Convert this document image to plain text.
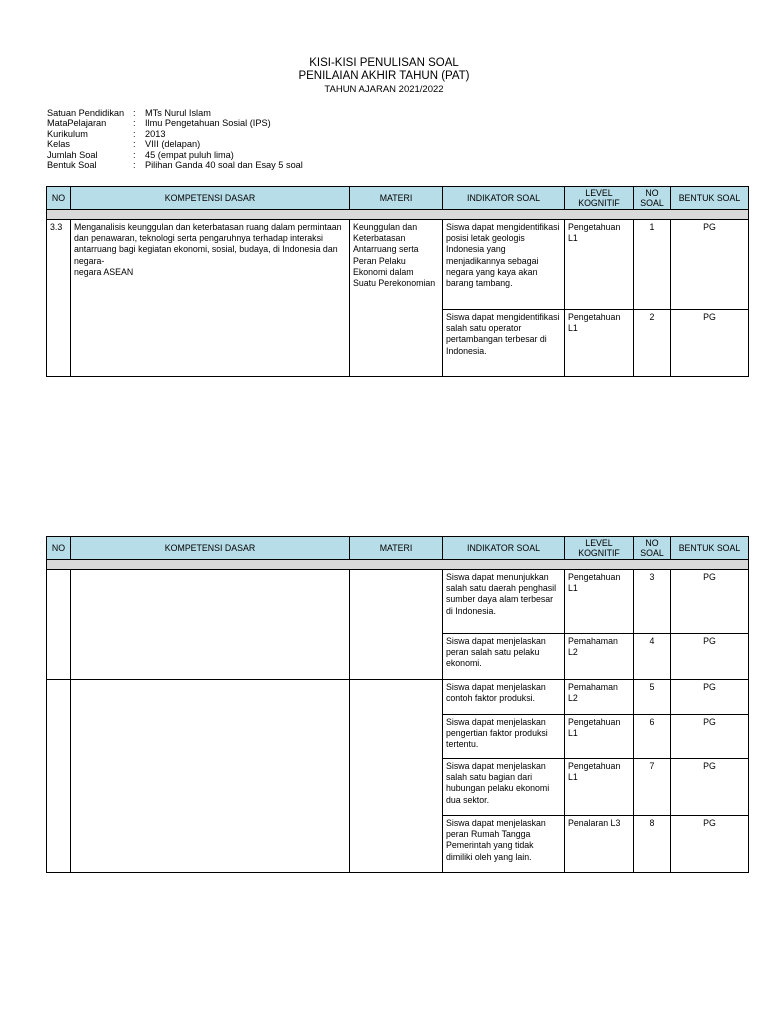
KISI-KISI PENULISAN SOAL
PENILAIAN AKHIR TAHUN (PAT)
TAHUN AJARAN 2021/2022
Satuan Pendidikan : MTs Nurul Islam
MataPelajaran	: Ilmu Pengetahuan Sosial (IPS)
Kurikulum	: 2013
Kelas	: VIII (delapan)
Jumlah Soal	: 45 (empat puluh lima)
Bentuk Soal	: Pilihan Ganda 40 soal dan Esay 5 soal
NO	KOMPETENSI DASAR	MATERI	INDIKATOR SOAL	LEVEL KOGNITIF	NO SOAL	BENTUK SOAL

3.3	Menganalisis keunggulan dan keterbatasan ruang dalam permintaan dan penawaran, teknologi serta pengaruhnya terhadap interaksi antarruang bagi kegiatan ekonomi, sosial, budaya, di Indonesia dan negara-
negara ASEAN	Keunggulan dan Keterbatasan Antarruang serta Peran Pelaku Ekonomi dalam Suatu Perekonomian	Siswa dapat mengidentifikasi posisi letak geologis Indonesia yang menjadikannya sebagai negara yang kaya akan barang tambang.	Pengetahuan L1	1	PG

			Siswa dapat mengidentifikasi salah satu operator pertambangan terbesar di Indonesia.	Pengetahuan L1	2	PG
NO	KOMPETENSI DASAR	MATERI	INDIKATOR SOAL	LEVEL KOGNITIF	NO SOAL	BENTUK SOAL

			Siswa dapat menunjukkan salah satu daerah penghasil sumber daya alam terbesar di Indonesia.	Pengetahuan L1	3	PG

			Siswa dapat menjelaskan peran salah satu pelaku ekonomi.	Pemahaman L2	4	PG

			Siswa dapat menjelaskan contoh faktor produksi.	Pemahaman L2	5	PG

			Siswa dapat menjelaskan pengertian faktor produksi tertentu.	Pengetahuan L1	6	PG

			Siswa dapat menjelaskan salah satu bagian dari hubungan pelaku ekonomi dua sektor.	Pengetahuan L1	7	PG

			Siswa dapat menjelaskan peran Rumah Tangga Pemerintah yang tidak dimiliki oleh yang lain.	Penalaran L3	8	PG
